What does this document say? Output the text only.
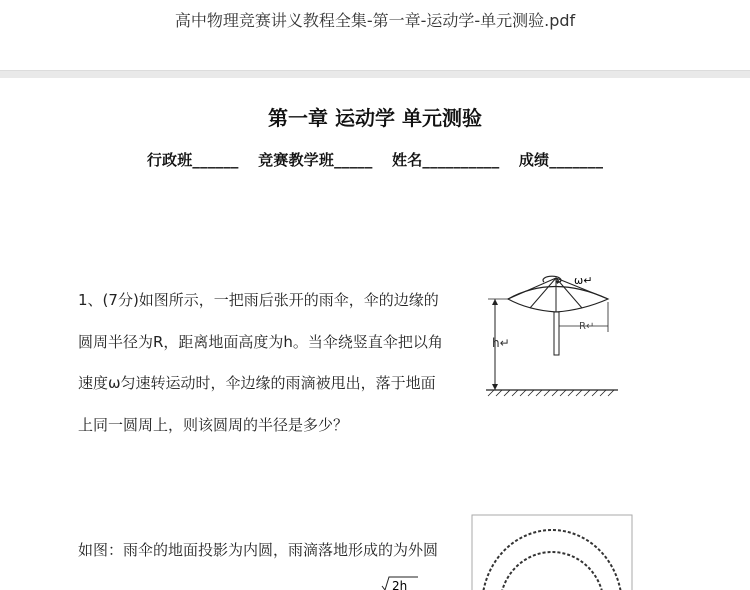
高中物理竞赛讲义教程全集-第一章-运动学-单元测验.pdf
第一章 运动学 单元测验
行政班______ 竞赛教学班_____ 姓名__________ 成绩_______
1、(7分)如图所示，一把雨后张开的雨伞，伞的边缘的
圆周半径为R，距离地面高度为h。当伞绕竖直伞把以角
速度ω匀速转运动时，伞边缘的雨滴被甩出，落于地面
上同一圆周上，则该圆周的半径是多少？
如图：雨伞的地面投影为内圆，雨滴落地形成的为外圆
ω↵
R↵
h↵
2h
